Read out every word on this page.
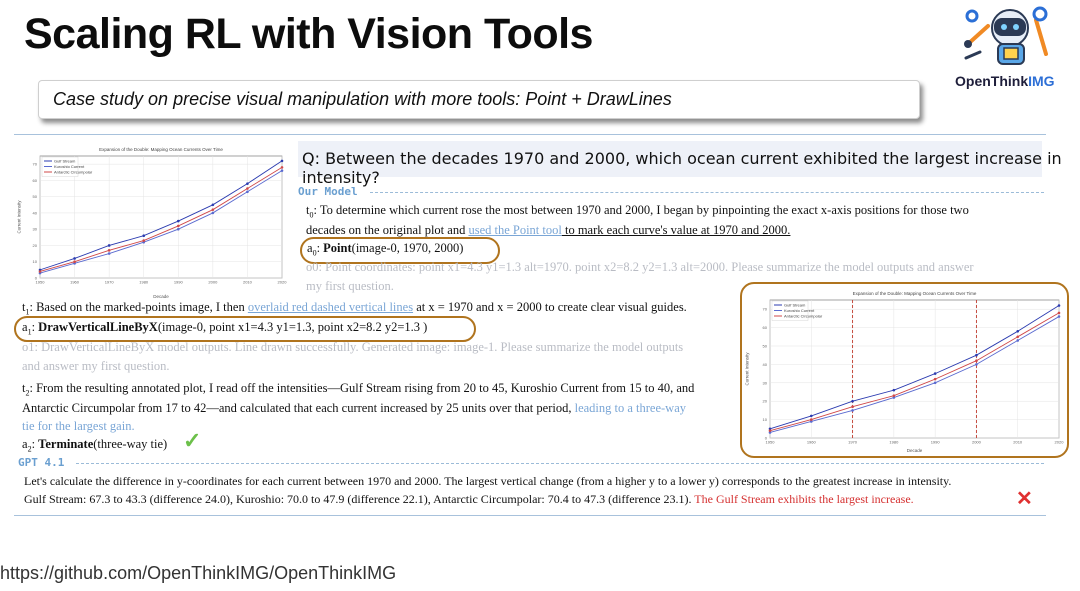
Scaling RL with Vision Tools
OpenThinkIMG
Case study on precise visual manipulation with more tools: Point + DrawLines
Expansion of the Double: Mapping Ocean Currents Over Time
1950	1960	1970	1980	1990	2000	2010	2020
0
10
20
30
40
50
60
70
Decade
Current Intensity
Gulf Stream
Kuroshio Current
Antarctic Circumpolar
Q: Between the decades 1970 and 2000, which ocean current exhibited the largest increase in intensity?
Our Model
$t_0$: To determine which current rose the most between 1970 and 2000, I began by pinpointing the exact x-axis positions for those two
decades on the original plot and used the Point tool to mark each curve's value at 1970 and 2000.
$a_0$: Point(image-0, 1970, 2000)
o0: Point coordinates: point x1=4.3 y1=1.3 alt=1970. point x2=8.2 y2=1.3 alt=2000. Please summarize the model outputs and answer
my first question.
$t_1$: Based on the marked-points image, I then overlaid red dashed vertical lines at x = 1970 and x = 2000 to create clear visual guides.
$a_1$: DrawVerticalLineByX(image-0, point x1=4.3 y1=1.3, point x2=8.2 y2=1.3 )
o1: DrawVerticalLineByX model outputs. Line drawn successfully. Generated image: image-1. Please summarize the model outputs
and answer my first question.
$t_2$: From the resulting annotated plot, I read off the intensities—Gulf Stream rising from 20 to 45, Kuroshio Current from 15 to 40, and
Antarctic Circumpolar from 17 to 42—and calculated that each current increased by 25 units over that period, leading to a three-way
tie for the largest gain.
$a_2$: Terminate(three-way tie) ✓
Expansion of the Double: Mapping Ocean Currents Over Time
1950	1960	1970	1980	1990	2000	2010	2020
0
10
20
30
40
50
60
70
Decade
Current Intensity
Gulf Stream
Kuroshio Current
Antarctic Circumpolar
GPT 4.1
Let's calculate the difference in y-coordinates for each current between 1970 and 2000. The largest vertical change (from a higher y to a lower y) corresponds to the greatest increase in intensity.
Gulf Stream: 67.3 to 43.3 (difference 24.0), Kuroshio: 70.0 to 47.9 (difference 22.1), Antarctic Circumpolar: 70.4 to 47.3 (difference 23.1). The Gulf Stream exhibits the largest increase.	✕
https://github.com/OpenThinkIMG/OpenThinkIMG
